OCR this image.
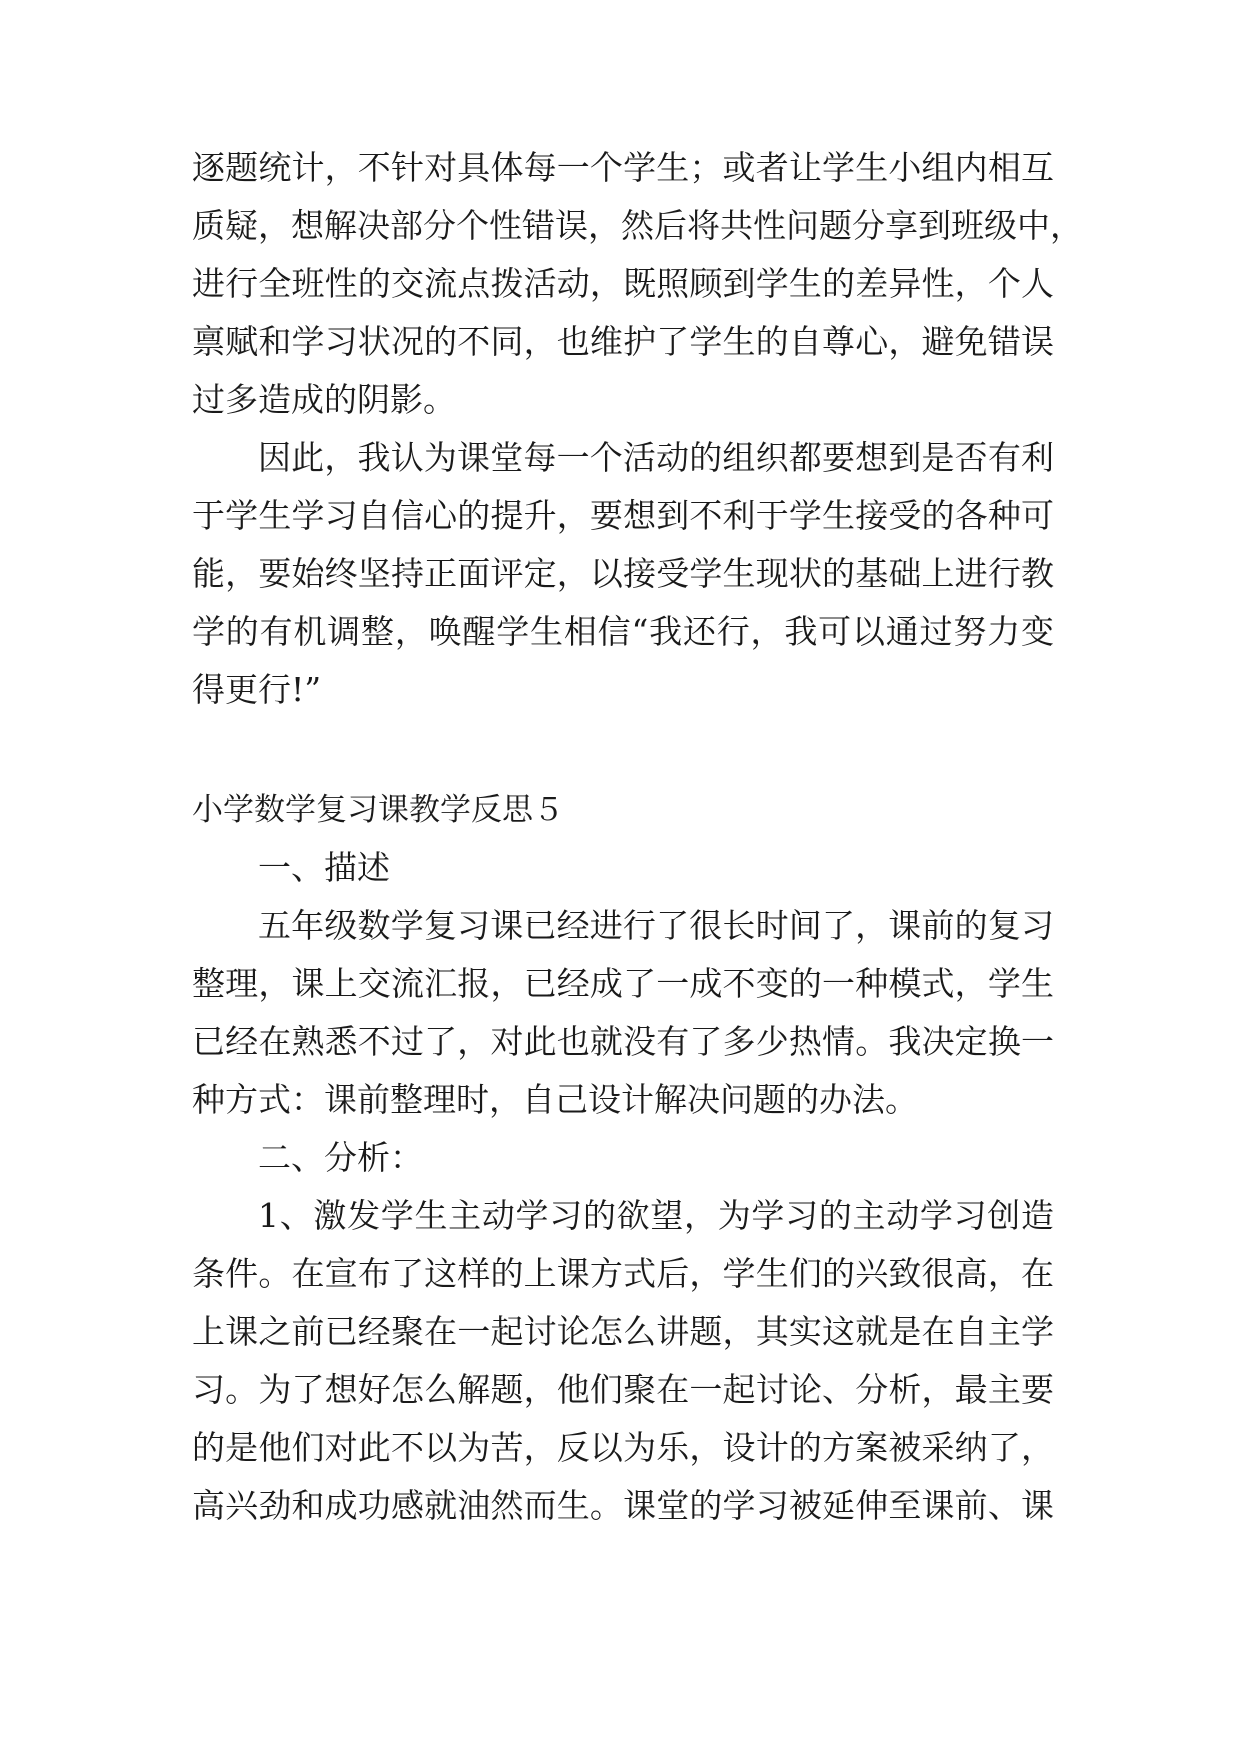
逐题统计，不针对具体每一个学生；或者让学生小组内相互
质疑，想解决部分个性错误，然后将共性问题分享到班级中，
进行全班性的交流点拨活动，既照顾到学生的差异性，个人
禀赋和学习状况的不同，也维护了学生的自尊心，避免错误
过多造成的阴影。
因此，我认为课堂每一个活动的组织都要想到是否有利
于学生学习自信心的提升，要想到不利于学生接受的各种可
能，要始终坚持正面评定，以接受学生现状的基础上进行教
学的有机调整，唤醒学生相信“我还行，我可以通过努力变
得更行!”
小学数学复习课教学反思５
一、描述
五年级数学复习课已经进行了很长时间了，课前的复习
整理，课上交流汇报，已经成了一成不变的一种模式，学生
已经在熟悉不过了，对此也就没有了多少热情。我决定换一
种方式：课前整理时，自己设计解决问题的办法。
二、分析：
1、激发学生主动学习的欲望，为学习的主动学习创造
条件。在宣布了这样的上课方式后，学生们的兴致很高，在
上课之前已经聚在一起讨论怎么讲题，其实这就是在自主学
习。为了想好怎么解题，他们聚在一起讨论、分析，最主要
的是他们对此不以为苦，反以为乐，设计的方案被采纳了，
高兴劲和成功感就油然而生。课堂的学习被延伸至课前、课
